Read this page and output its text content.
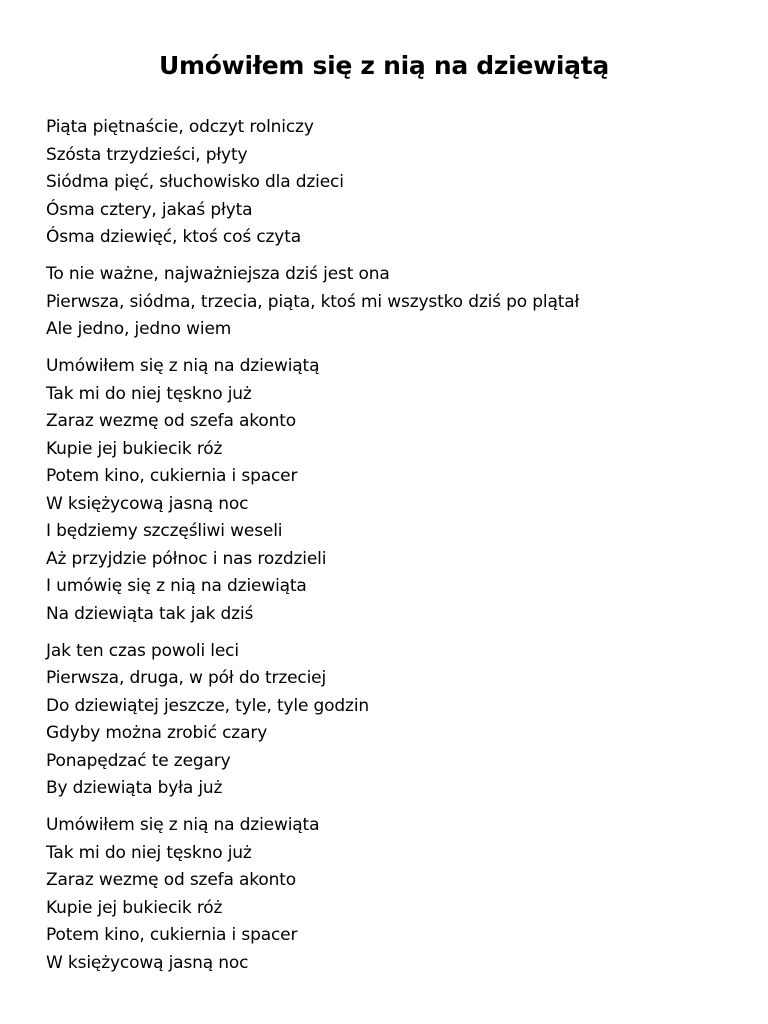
Umówiłem się z nią na dziewiątą
Piąta piętnaście, odczyt rolniczy
Szósta trzydzieści, płyty
Siódma pięć, słuchowisko dla dzieci
Ósma cztery, jakaś płyta
Ósma dziewięć, ktoś coś czyta
To nie ważne, najważniejsza dziś jest ona
Pierwsza, siódma, trzecia, piąta, ktoś mi wszystko dziś po plątał
Ale jedno, jedno wiem
Umówiłem się z nią na dziewiątą
Tak mi do niej tęskno już
Zaraz wezmę od szefa akonto
Kupie jej bukiecik róż
Potem kino, cukiernia i spacer
W księżycową jasną noc
I będziemy szczęśliwi weseli
Aż przyjdzie północ i nas rozdzieli
I umówię się z nią na dziewiąta
Na dziewiąta tak jak dziś
Jak ten czas powoli leci
Pierwsza, druga, w pół do trzeciej
Do dziewiątej jeszcze, tyle, tyle godzin
Gdyby można zrobić czary
Ponapędzać te zegary
By dziewiąta była już
Umówiłem się z nią na dziewiąta
Tak mi do niej tęskno już
Zaraz wezmę od szefa akonto
Kupie jej bukiecik róż
Potem kino, cukiernia i spacer
W księżycową jasną noc
